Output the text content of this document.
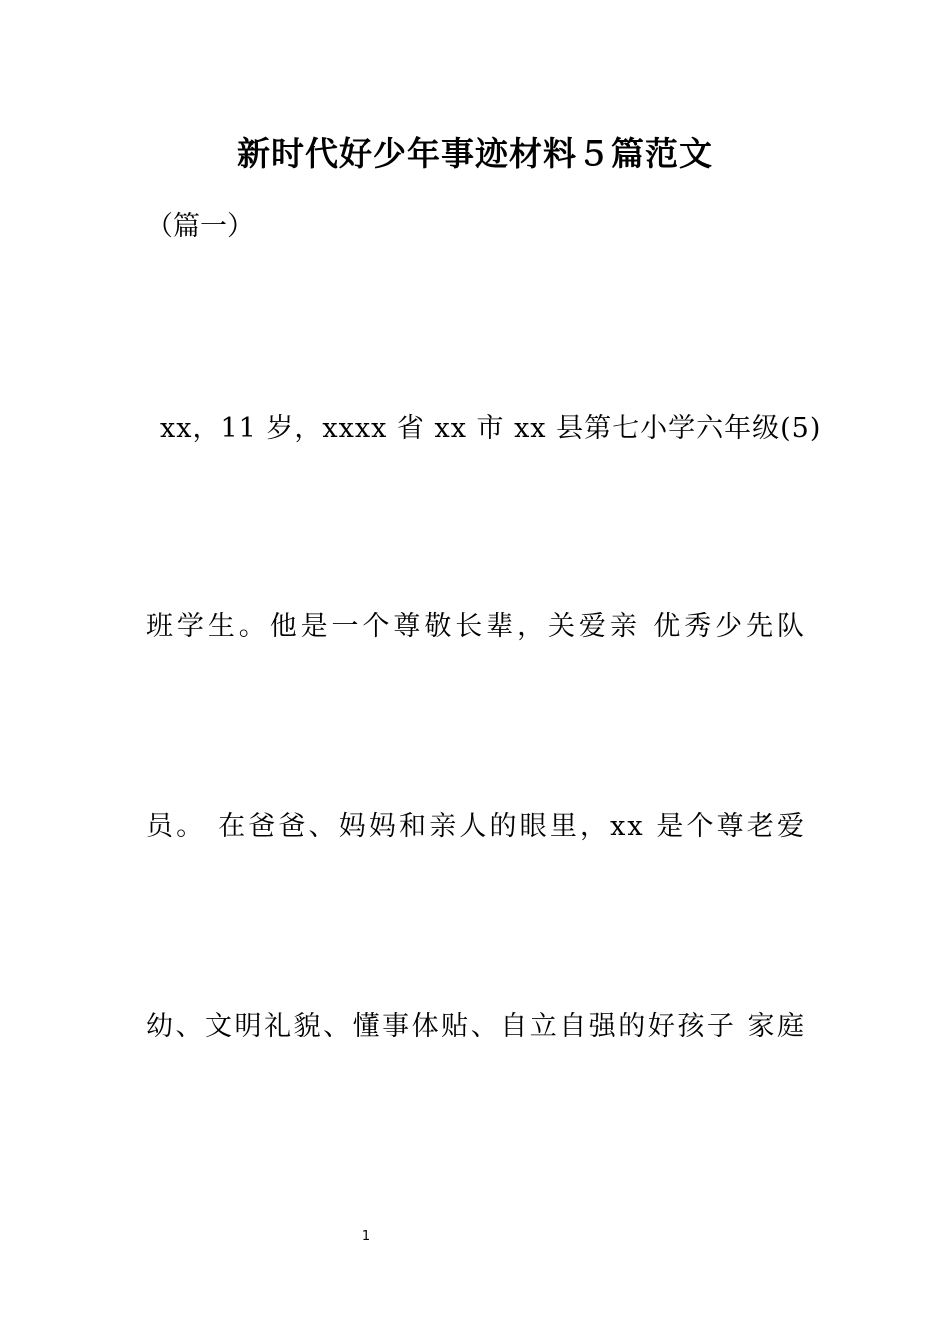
新时代好少年事迹材料５篇范文
（篇一）
xx，11 岁，xxxx 省 xx 市 xx 县第七小学六年级(5)
班学生。他是一个尊敬长辈，关爱亲 优秀少先队
员。 在爸爸、妈妈和亲人的眼里，xx 是个尊老爱
幼、文明礼貌、懂事体贴、自立自强的好孩子 家庭
1
